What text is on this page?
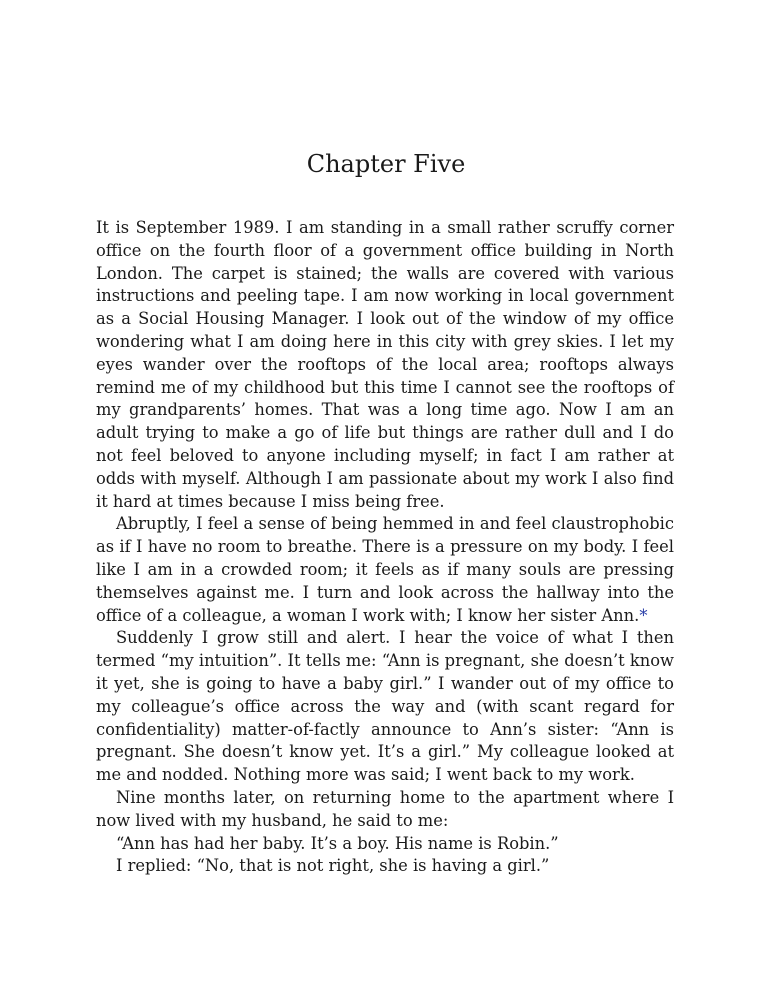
Chapter Five

It is September 1989. I am standing in a small rather scruffy corner office on the fourth floor of a government office building in North London. The carpet is stained; the walls are covered with various instructions and peeling tape. I am now working in local government as a Social Housing Manager. I look out of the window of my office wondering what I am doing here in this city with grey skies. I let my eyes wander over the rooftops of the local area; rooftops always remind me of my childhood but this time I cannot see the rooftops of my grandparents’ homes. That was a long time ago. Now I am an adult trying to make a go of life but things are rather dull and I do not feel beloved to anyone including myself; in fact I am rather at odds with myself. Although I am passionate about my work I also find it hard at times because I miss being free.

Abruptly, I feel a sense of being hemmed in and feel claustrophobic as if I have no room to breathe. There is a pressure on my body. I feel like I am in a crowded room; it feels as if many souls are pressing themselves against me. I turn and look across the hallway into the office of a colleague, a woman I work with; I know her sister Ann.*

Suddenly I grow still and alert. I hear the voice of what I then termed “my intuition”. It tells me: “Ann is pregnant, she doesn’t know it yet, she is going to have a baby girl.” I wander out of my office to my colleague’s office across the way and (with scant regard for confidentiality) matter-of-factly announce to Ann’s sister: “Ann is pregnant. She doesn’t know yet. It’s a girl.” My colleague looked at me and nodded. Nothing more was said; I went back to my work.

Nine months later, on returning home to the apartment where I now lived with my husband, he said to me:

“Ann has had her baby. It’s a boy. His name is Robin.”

I replied: “No, that is not right, she is having a girl.”
